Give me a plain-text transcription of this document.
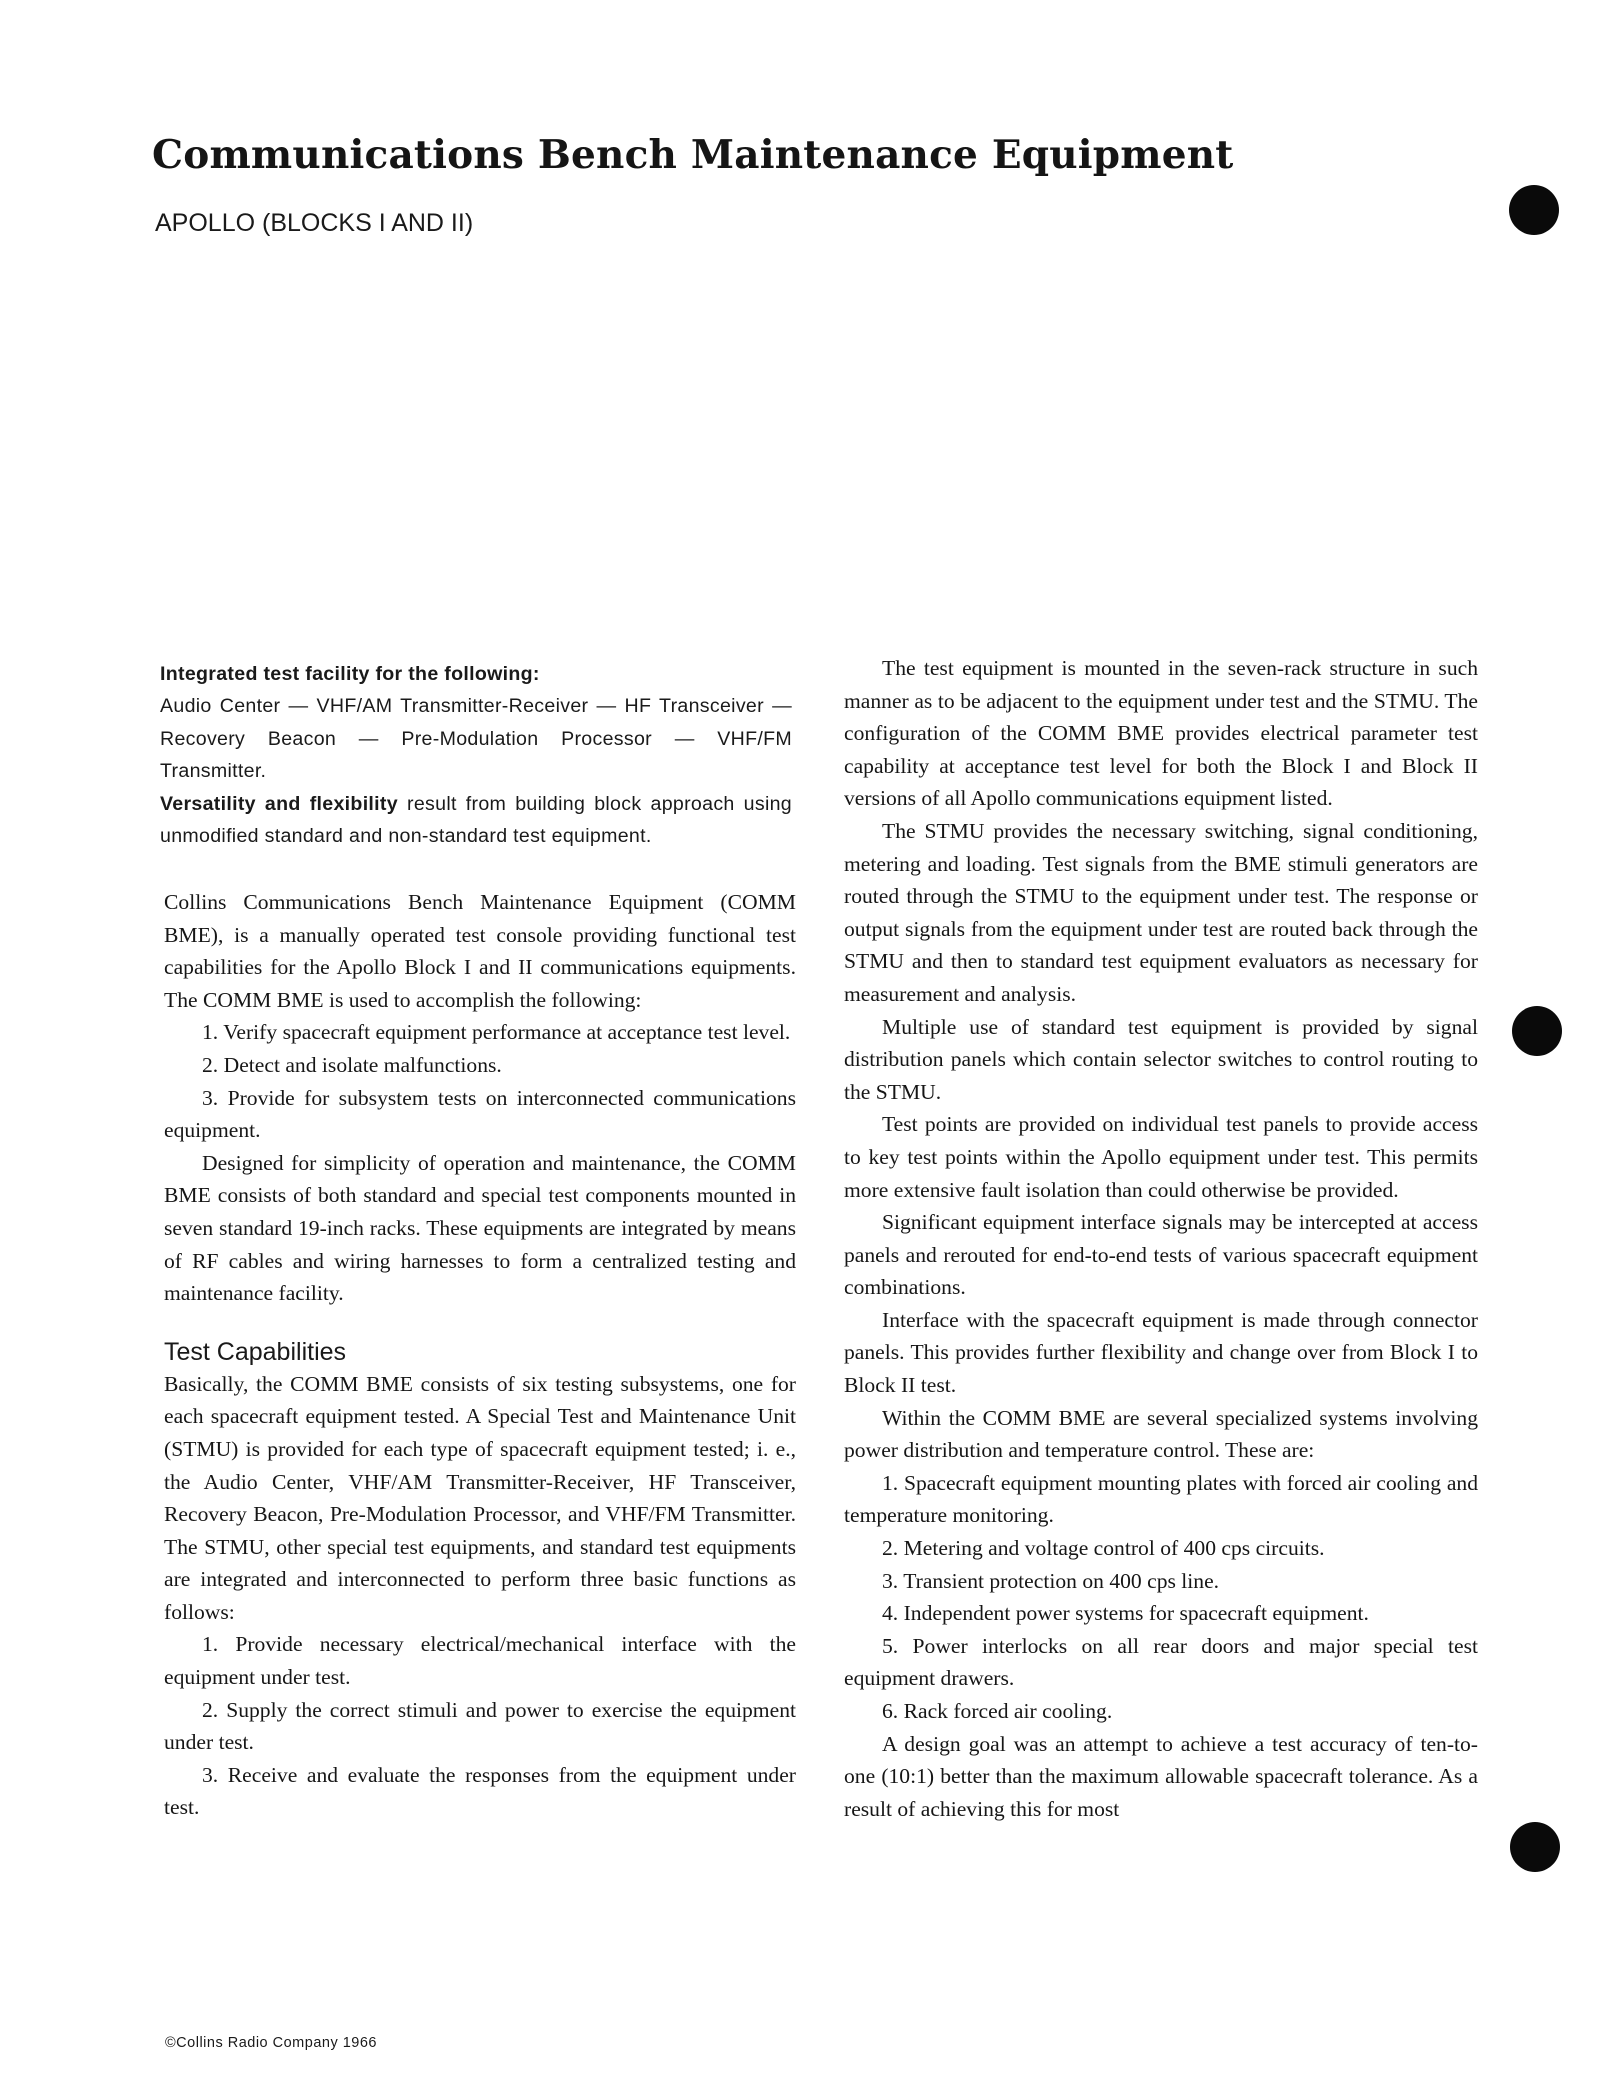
Communications Bench Maintenance Equipment
APOLLO (BLOCKS I AND II)

Integrated test facility for the following:

Audio Center — VHF/AM Transmitter-Receiver — HF Transceiver — Recovery Beacon — Pre-Modulation Processor — VHF/FM Transmitter.

Versatility and flexibility result from building block approach using unmodified standard and non-standard test equipment.

Collins Communications Bench Maintenance Equipment (COMM BME), is a manually operated test console providing functional test capabilities for the Apollo Block I and II communications equipments. The COMM BME is used to accomplish the following:

1. Verify spacecraft equipment performance at acceptance test level.

2. Detect and isolate malfunctions.

3. Provide for subsystem tests on interconnected communications equipment.

Designed for simplicity of operation and maintenance, the COMM BME consists of both standard and special test components mounted in seven standard 19-inch racks. These equipments are integrated by means of RF cables and wiring harnesses to form a centralized testing and maintenance facility.

Test Capabilities

Basically, the COMM BME consists of six testing subsystems, one for each spacecraft equipment tested. A Special Test and Maintenance Unit (STMU) is provided for each type of spacecraft equipment tested; i. e., the Audio Center, VHF/AM Transmitter-Receiver, HF Transceiver, Recovery Beacon, Pre-Modulation Processor, and VHF/FM Transmitter. The STMU, other special test equipments, and standard test equipments are integrated and interconnected to perform three basic functions as follows:

1. Provide necessary electrical/mechanical interface with the equipment under test.

2. Supply the correct stimuli and power to exercise the equipment under test.

3. Receive and evaluate the responses from the equipment under test.

The test equipment is mounted in the seven-rack structure in such manner as to be adjacent to the equipment under test and the STMU. The configuration of the COMM BME provides electrical parameter test capability at acceptance test level for both the Block I and Block II versions of all Apollo communications equipment listed.

The STMU provides the necessary switching, signal conditioning, metering and loading. Test signals from the BME stimuli generators are routed through the STMU to the equipment under test. The response or output signals from the equipment under test are routed back through the STMU and then to standard test equipment evaluators as necessary for measurement and analysis.

Multiple use of standard test equipment is provided by signal distribution panels which contain selector switches to control routing to the STMU.

Test points are provided on individual test panels to provide access to key test points within the Apollo equipment under test. This permits more extensive fault isolation than could otherwise be provided.

Significant equipment interface signals may be intercepted at access panels and rerouted for end-to-end tests of various spacecraft equipment combinations.

Interface with the spacecraft equipment is made through connector panels. This provides further flexibility and change over from Block I to Block II test.

Within the COMM BME are several specialized systems involving power distribution and temperature control. These are:

1. Spacecraft equipment mounting plates with forced air cooling and temperature monitoring.

2. Metering and voltage control of 400 cps circuits.

3. Transient protection on 400 cps line.

4. Independent power systems for spacecraft equipment.

5. Power interlocks on all rear doors and major special test equipment drawers.

6. Rack forced air cooling.

A design goal was an attempt to achieve a test accuracy of ten-to-one (10:1) better than the maximum allowable spacecraft tolerance. As a result of achieving this for most

©Collins Radio Company 1966
